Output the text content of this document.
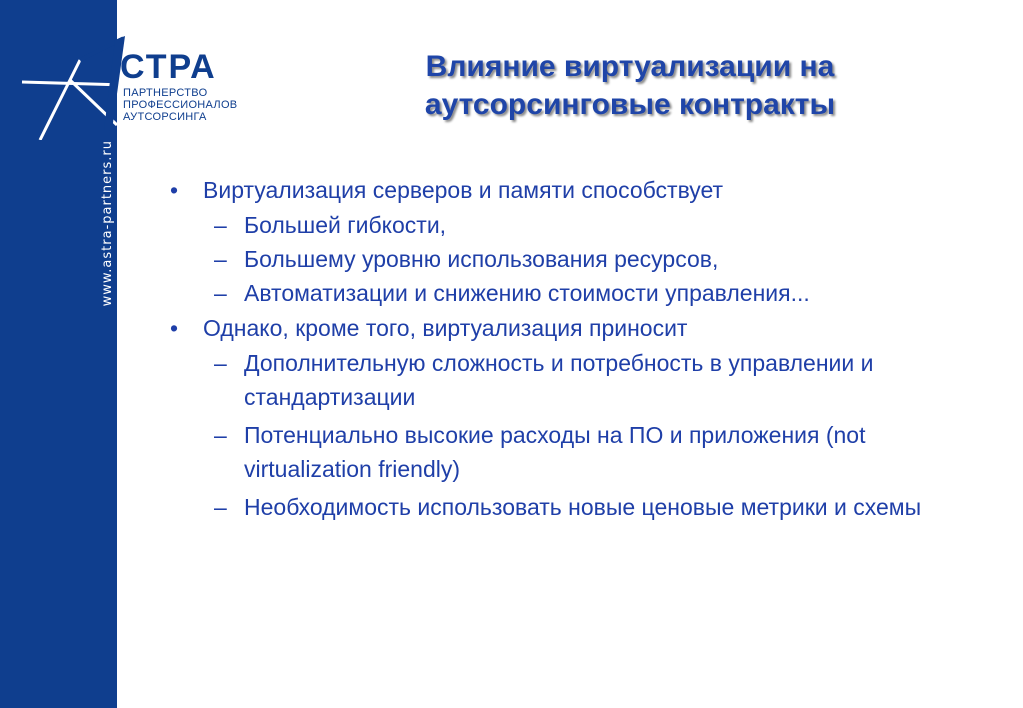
СТРА
ПАРТНЕРСТВО
ПРОФЕССИОНАЛОВ
АУТСОРСИНГА
www.astra-partners.ru
Влияние виртуализации на
аутсорсинговые контракты
• Виртуализация серверов и памяти способствует
– Большей гибкости,
– Большему уровню использования ресурсов,
– Автоматизации и снижению стоимости управления...
• Однако, кроме того, виртуализация приносит
– Дополнительную сложность и потребность в управлении и стандартизации
– Потенциально высокие расходы на ПО и приложения (not virtualization friendly)
– Необходимость использовать новые ценовые метрики и схемы
